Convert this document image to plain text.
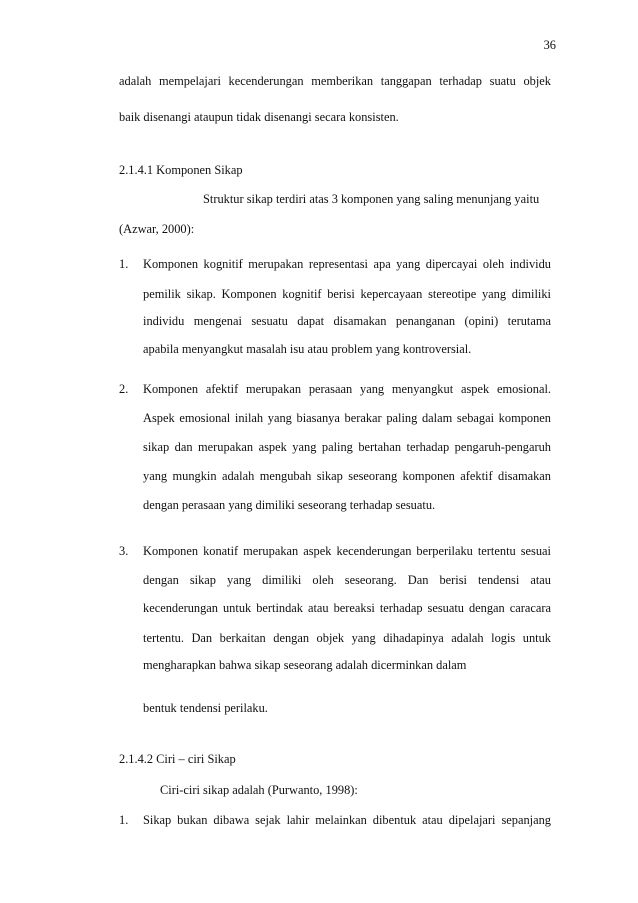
36
adalah mempelajari kecenderungan memberikan tanggapan terhadap suatu objek
baik disenangi ataupun tidak disenangi secara konsisten.
2.1.4.1 Komponen Sikap
Struktur sikap terdiri atas 3 komponen yang saling menunjang yaitu
(Azwar, 2000):
1. Komponen kognitif merupakan representasi apa yang dipercayai oleh individu
pemilik sikap. Komponen kognitif berisi kepercayaan stereotipe yang dimiliki
individu mengenai sesuatu dapat disamakan penanganan (opini) terutama
apabila menyangkut masalah isu atau problem yang kontroversial.
2. Komponen afektif merupakan perasaan yang menyangkut aspek emosional.
Aspek emosional inilah yang biasanya berakar paling dalam sebagai komponen
sikap dan merupakan aspek yang paling bertahan terhadap pengaruh-pengaruh
yang mungkin adalah mengubah sikap seseorang komponen afektif disamakan
dengan perasaan yang dimiliki seseorang terhadap sesuatu.
3. Komponen konatif merupakan aspek kecenderungan berperilaku tertentu sesuai
dengan sikap yang dimiliki oleh seseorang. Dan berisi tendensi atau
kecenderungan untuk bertindak atau bereaksi terhadap sesuatu dengan caracara
tertentu. Dan berkaitan dengan objek yang dihadapinya adalah logis untuk
mengharapkan bahwa sikap seseorang adalah dicerminkan dalam
bentuk tendensi perilaku.
2.1.4.2 Ciri – ciri Sikap
Ciri-ciri sikap adalah (Purwanto, 1998):
1. Sikap bukan dibawa sejak lahir melainkan dibentuk atau dipelajari sepanjang
